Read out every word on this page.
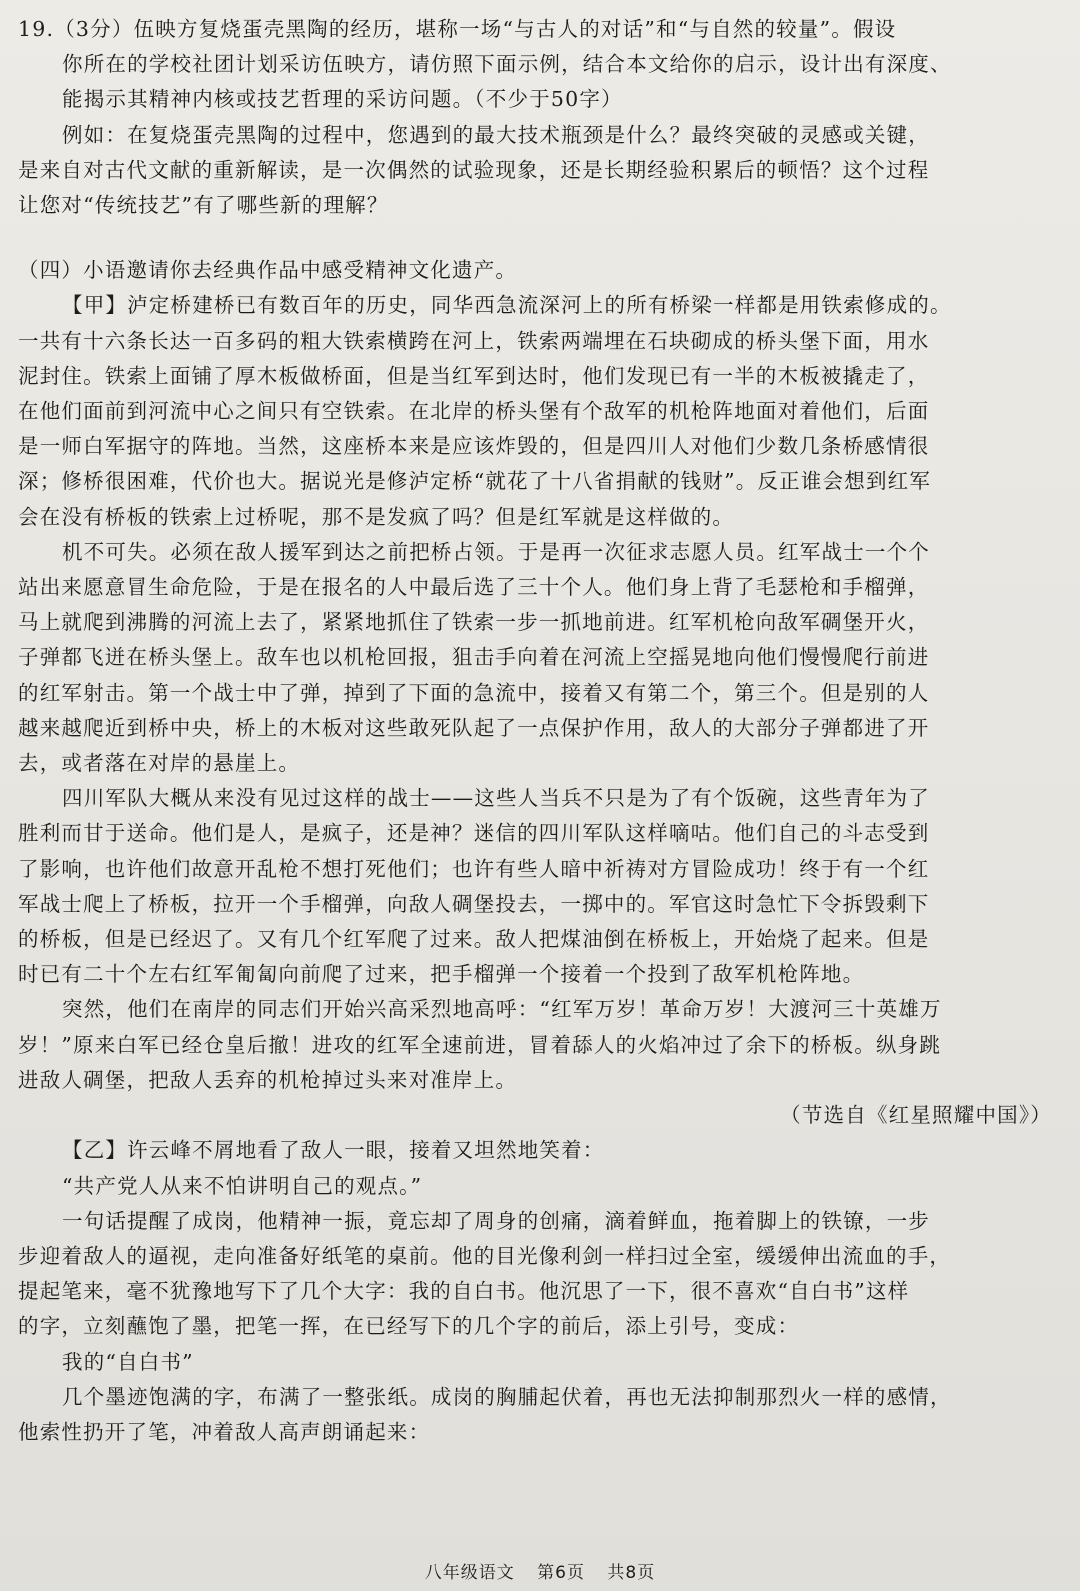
19.（3分）伍映方复烧蛋壳黑陶的经历，堪称一场“与古人的对话”和“与自然的较量”。假设

你所在的学校社团计划采访伍映方，请仿照下面示例，结合本文给你的启示，设计出有深度、

能揭示其精神内核或技艺哲理的采访问题。（不少于50字）

例如：在复烧蛋壳黑陶的过程中，您遇到的最大技术瓶颈是什么？最终突破的灵感或关键，

是来自对古代文献的重新解读，是一次偶然的试验现象，还是长期经验积累后的顿悟？这个过程

让您对“传统技艺”有了哪些新的理解？

（四）小语邀请你去经典作品中感受精神文化遗产。

【甲】泸定桥建桥已有数百年的历史，同华西急流深河上的所有桥梁一样都是用铁索修成的。

一共有十六条长达一百多码的粗大铁索横跨在河上，铁索两端埋在石块砌成的桥头堡下面，用水

泥封住。铁索上面铺了厚木板做桥面，但是当红军到达时，他们发现已有一半的木板被撬走了，

在他们面前到河流中心之间只有空铁索。在北岸的桥头堡有个敌军的机枪阵地面对着他们，后面

是一师白军据守的阵地。当然，这座桥本来是应该炸毁的，但是四川人对他们少数几条桥感情很

深；修桥很困难，代价也大。据说光是修泸定桥“就花了十八省捐献的钱财”。反正谁会想到红军

会在没有桥板的铁索上过桥呢，那不是发疯了吗？但是红军就是这样做的。

机不可失。必须在敌人援军到达之前把桥占领。于是再一次征求志愿人员。红军战士一个个

站出来愿意冒生命危险，于是在报名的人中最后选了三十个人。他们身上背了毛瑟枪和手榴弹，

马上就爬到沸腾的河流上去了，紧紧地抓住了铁索一步一抓地前进。红军机枪向敌军碉堡开火，

子弹都飞迸在桥头堡上。敌车也以机枪回报，狙击手向着在河流上空摇晃地向他们慢慢爬行前进

的红军射击。第一个战士中了弹，掉到了下面的急流中，接着又有第二个，第三个。但是别的人

越来越爬近到桥中央，桥上的木板对这些敢死队起了一点保护作用，敌人的大部分子弹都进了开

去，或者落在对岸的悬崖上。

四川军队大概从来没有见过这样的战士——这些人当兵不只是为了有个饭碗，这些青年为了

胜利而甘于送命。他们是人，是疯子，还是神？迷信的四川军队这样嘀咕。他们自己的斗志受到

了影响，也许他们故意开乱枪不想打死他们；也许有些人暗中祈祷对方冒险成功！终于有一个红

军战士爬上了桥板，拉开一个手榴弹，向敌人碉堡投去，一掷中的。军官这时急忙下令拆毁剩下

的桥板，但是已经迟了。又有几个红军爬了过来。敌人把煤油倒在桥板上，开始烧了起来。但是

时已有二十个左右红军匍匐向前爬了过来，把手榴弹一个接着一个投到了敌军机枪阵地。

突然，他们在南岸的同志们开始兴高采烈地高呼：“红军万岁！革命万岁！大渡河三十英雄万

岁！”原来白军已经仓皇后撤！进攻的红军全速前进，冒着舔人的火焰冲过了余下的桥板。纵身跳

进敌人碉堡，把敌人丢弃的机枪掉过头来对准岸上。

（节选自《红星照耀中国》）

【乙】许云峰不屑地看了敌人一眼，接着又坦然地笑着：

“共产党人从来不怕讲明自己的观点。”

一句话提醒了成岗，他精神一振，竟忘却了周身的创痛，滴着鲜血，拖着脚上的铁镣，一步

步迎着敌人的逼视，走向准备好纸笔的桌前。他的目光像利剑一样扫过全室，缓缓伸出流血的手，

提起笔来，毫不犹豫地写下了几个大字：我的自白书。他沉思了一下，很不喜欢“自白书”这样

的字，立刻蘸饱了墨，把笔一挥，在已经写下的几个字的前后，添上引号，变成：

我的“自白书”

几个墨迹饱满的字，布满了一整张纸。成岗的胸脯起伏着，再也无法抑制那烈火一样的感情，

他索性扔开了笔，冲着敌人高声朗诵起来：

八年级语文 第6页 共8页
